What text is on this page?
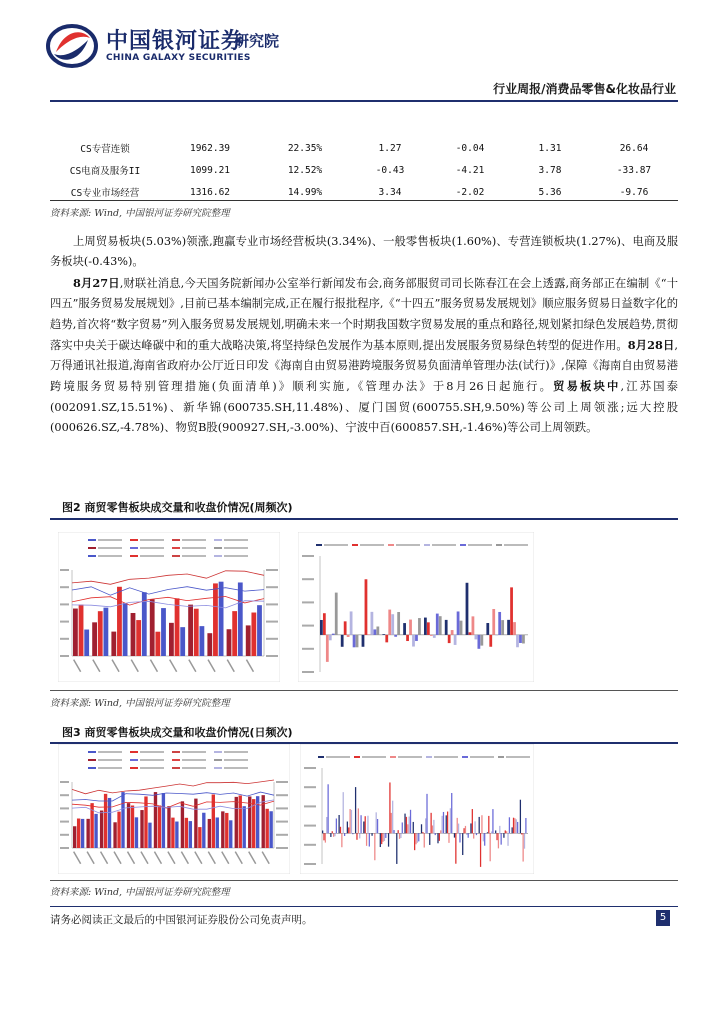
中国银河证券
研究院
CHINA GALAXY SECURITIES
行业周报/消费品零售&化妆品行业
CS专营连锁	1962.39	22.35%	1.27	-0.04	1.31	26.64
CS电商及服务II	1099.21	12.52%	-0.43	-4.21	3.78	-33.87
CS专业市场经营	1316.62	14.99%	3.34	-2.02	5.36	-9.76
资料来源: Wind, 中国银河证券研究院整理
上周贸易板块(5.03%)领涨,跑赢专业市场经营板块(3.34%)、一般零售板块(1.60%)、专营连锁板块(1.27%)、电商及服务板块(-0.43%)。
8月27日,财联社消息,今天国务院新闻办公室举行新闻发布会,商务部服贸司司长陈春江在会上透露,商务部正在编制《“十四五”服务贸易发展规划》,目前已基本编制完成,正在履行报批程序,《“十四五”服务贸易发展规划》顺应服务贸易日益数字化的趋势,首次将“数字贸易”列入服务贸易发展规划,明确未来一个时期我国数字贸易发展的重点和路径,规划紧扣绿色发展趋势,贯彻落实中央关于碳达峰碳中和的重大战略决策,将坚持绿色发展作为基本原则,提出发展服务贸易绿色转型的促进作用。8月28日,万得通讯社报道,海南省政府办公厅近日印发《海南自由贸易港跨境服务贸易负面清单管理办法(试行)》,保障《海南自由贸易港跨境服务贸易特别管理措施(负面清单)》顺利实施,《管理办法》于8月26日起施行。贸易板块中,江苏国泰(002091.SZ,15.51%)、新华锦(600735.SH,11.48%)、厦门国贸(600755.SH,9.50%)等公司上周领涨;远大控股(000626.SZ,-4.78%)、物贸B股(900927.SH,-3.00%)、宁波中百(600857.SH,-1.46%)等公司上周领跌。
图2 商贸零售板块成交量和收盘价情况(周频次)
资料来源: Wind, 中国银河证券研究院整理
图3 商贸零售板块成交量和收盘价情况(日频次)
资料来源: Wind, 中国银河证券研究院整理
请务必阅读正文最后的中国银河证券股份公司免责声明。	5
